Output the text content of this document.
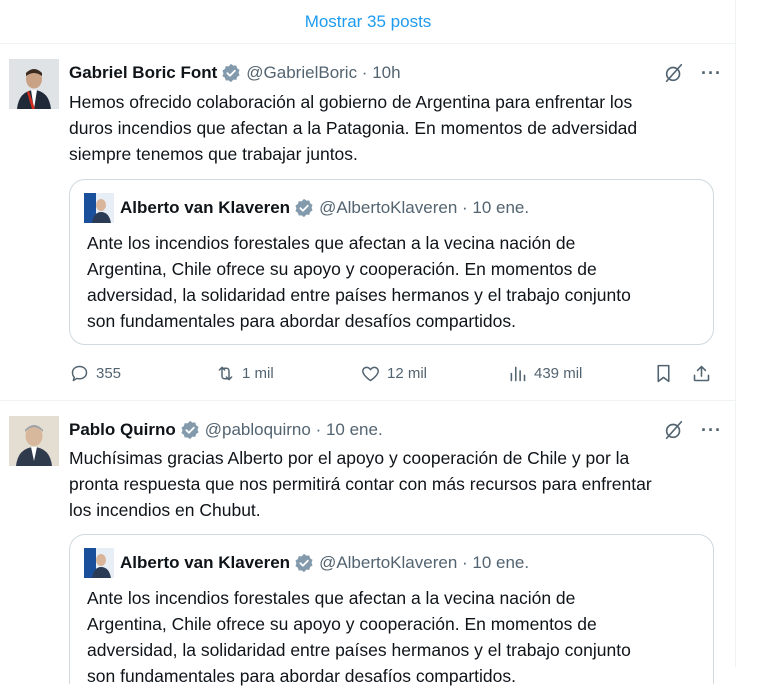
Mostrar 35 posts
Gabriel Boric Font @GabrielBoric · 10h	···
Hemos ofrecido colaboración al gobierno de Argentina para enfrentar los
duros incendios que afectan a la Patagonia. En momentos de adversidad
siempre tenemos que trabajar juntos.
Alberto van Klaveren @AlbertoKlaveren · 10 ene.
Ante los incendios forestales que afectan a la vecina nación de
Argentina, Chile ofrece su apoyo y cooperación. En momentos de
adversidad, la solidaridad entre países hermanos y el trabajo conjunto
son fundamentales para abordar desafíos compartidos.
355	1 mil	12 mil	439 mil
Pablo Quirno @pabloquirno · 10 ene.	···
Muchísimas gracias Alberto por el apoyo y cooperación de Chile y por la
pronta respuesta que nos permitirá contar con más recursos para enfrentar
los incendios en Chubut.
Alberto van Klaveren @AlbertoKlaveren · 10 ene.
Ante los incendios forestales que afectan a la vecina nación de
Argentina, Chile ofrece su apoyo y cooperación. En momentos de
adversidad, la solidaridad entre países hermanos y el trabajo conjunto
son fundamentales para abordar desafíos compartidos.
